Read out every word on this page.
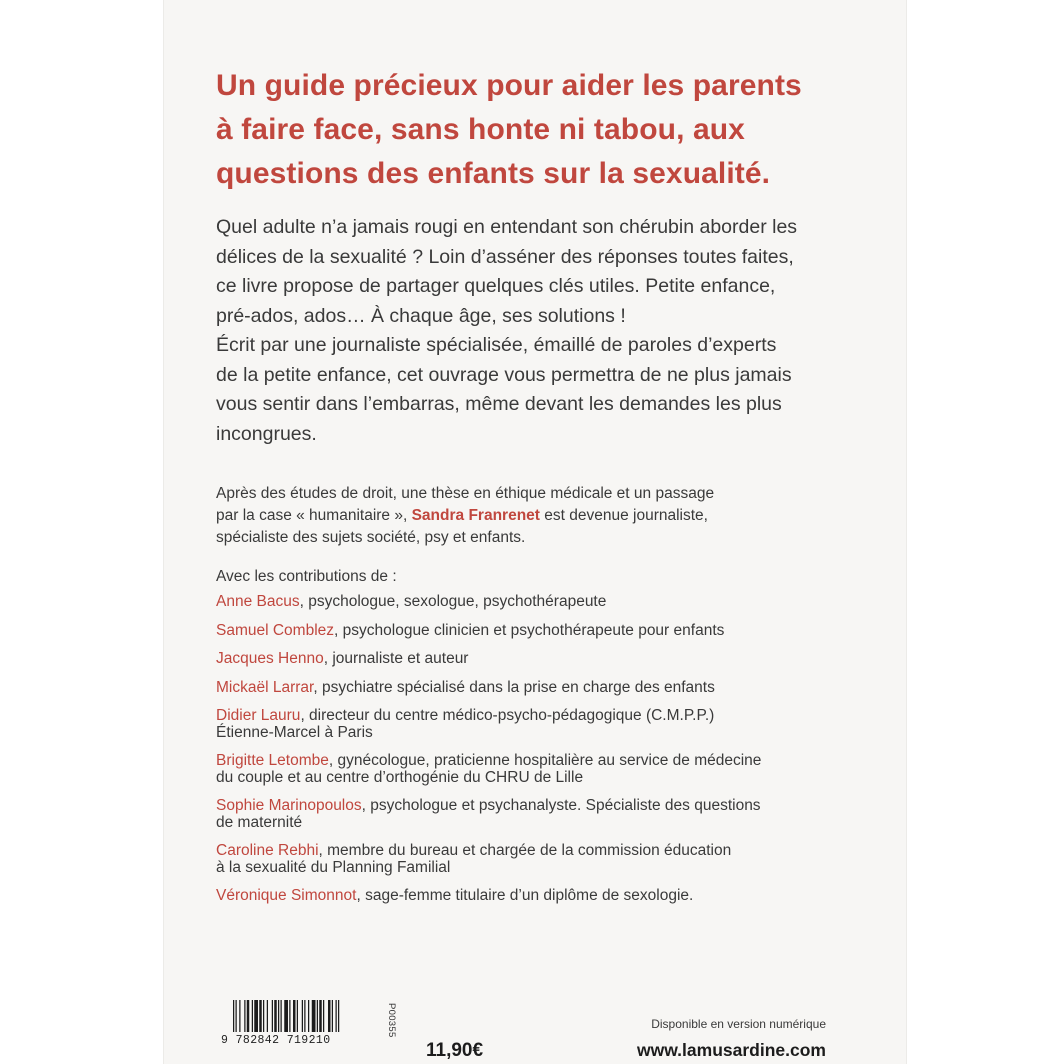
Un guide précieux pour aider les parents
à faire face, sans honte ni tabou, aux
questions des enfants sur la sexualité.

Quel adulte n’a jamais rougi en entendant son chérubin aborder les
délices de la sexualité ? Loin d’asséner des réponses toutes faites,
ce livre propose de partager quelques clés utiles. Petite enfance,
pré-ados, ados… À chaque âge, ses solutions !
Écrit par une journaliste spécialisée, émaillé de paroles d’experts
de la petite enfance, cet ouvrage vous permettra de ne plus jamais
vous sentir dans l’embarras, même devant les demandes les plus
incongrues.

Après des études de droit, une thèse en éthique médicale et un passage
par la case « humanitaire », Sandra Franrenet est devenue journaliste,
spécialiste des sujets société, psy et enfants.

Avec les contributions de :

Anne Bacus, psychologue, sexologue, psychothérapeute
Samuel Comblez, psychologue clinicien et psychothérapeute pour enfants
Jacques Henno, journaliste et auteur
Mickaël Larrar, psychiatre spécialisé dans la prise en charge des enfants
Didier Lauru, directeur du centre médico-psycho-pédagogique (C.M.P.P.)
Étienne-Marcel à Paris
Brigitte Letombe, gynécologue, praticienne hospitalière au service de médecine
du couple et au centre d’orthogénie du CHRU de Lille
Sophie Marinopoulos, psychologue et psychanalyste. Spécialiste des questions
de maternité
Caroline Rebhi, membre du bureau et chargée de la commission éducation
à la sexualité du Planning Familial
Véronique Simonnot, sage-femme titulaire d’un diplôme de sexologie.
9 782842 719210
P00355
11,90€
Disponible en version numérique
www.lamusardine.com
